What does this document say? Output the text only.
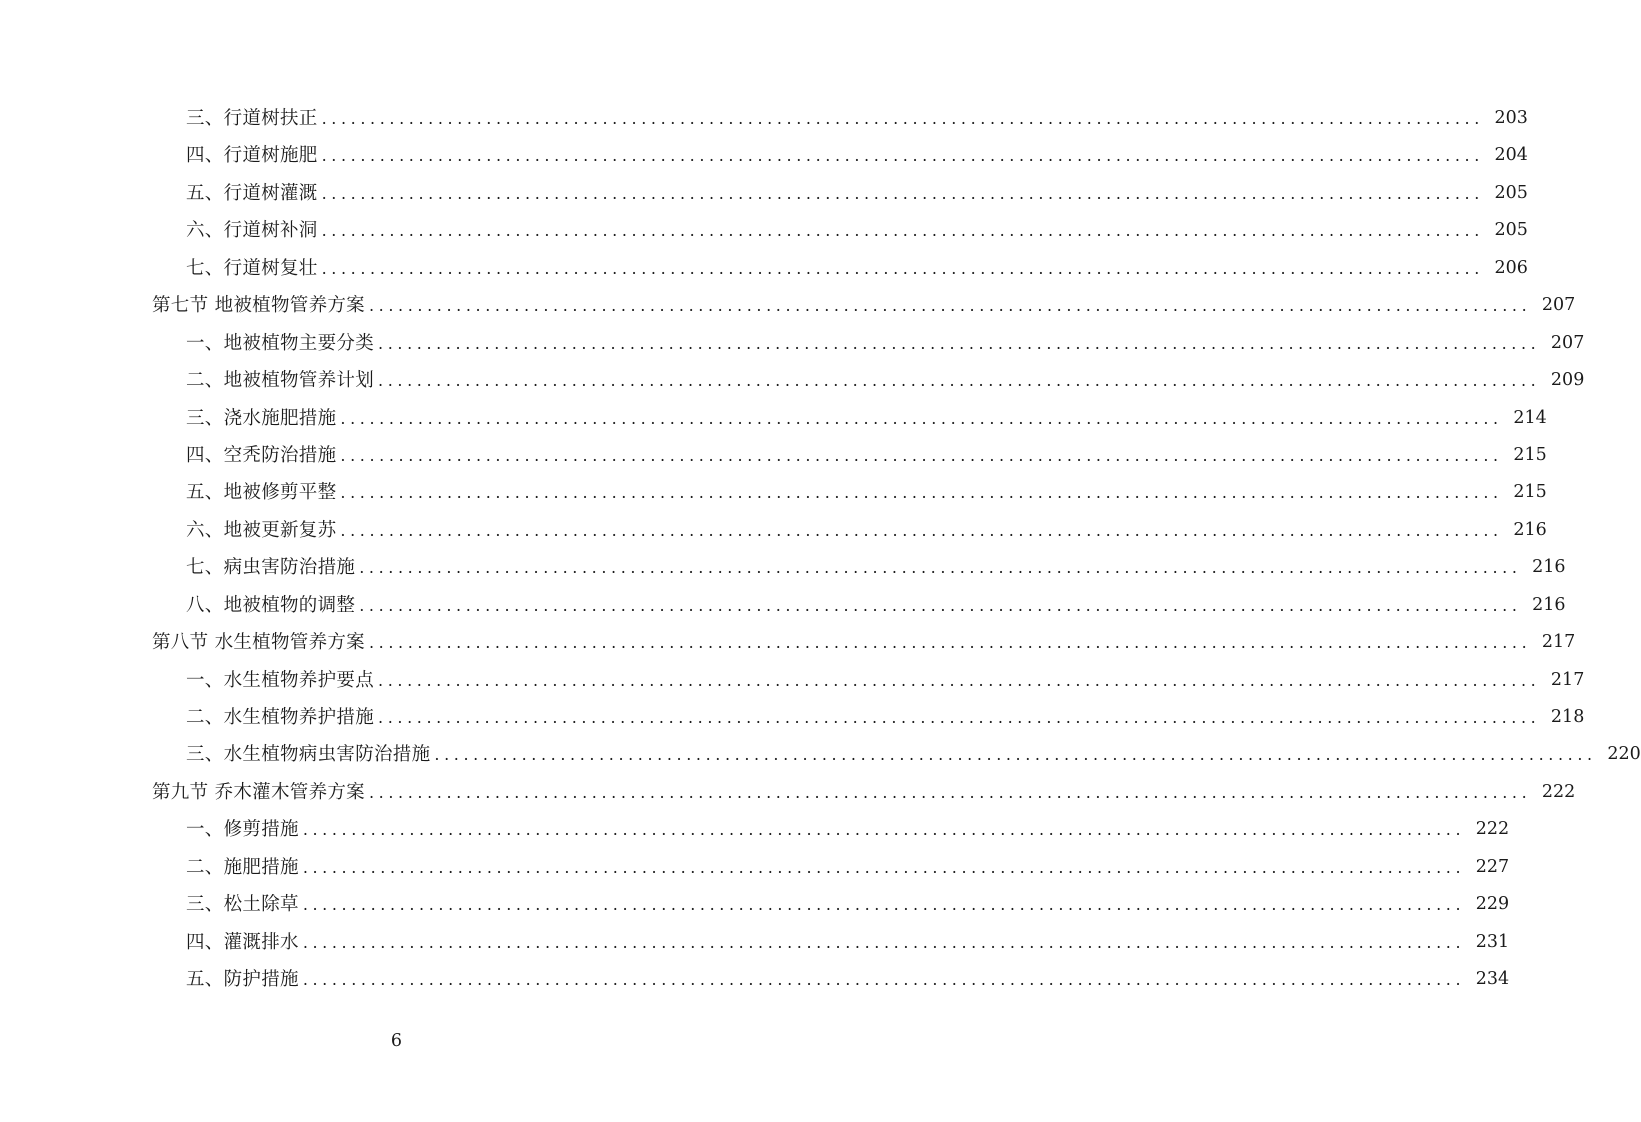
三、行道树扶正 ........................................................................................................................ 203
四、行道树施肥 ........................................................................................................................ 204
五、行道树灌溉 ........................................................................................................................ 205
六、行道树补洞 ........................................................................................................................ 205
七、行道树复壮 ........................................................................................................................ 206
第七节 地被植物管养方案 ........................................................................................................................ 207
一、地被植物主要分类 ........................................................................................................................ 207
二、地被植物管养计划 ........................................................................................................................ 209
三、浇水施肥措施 ........................................................................................................................ 214
四、空秃防治措施 ........................................................................................................................ 215
五、地被修剪平整 ........................................................................................................................ 215
六、地被更新复苏 ........................................................................................................................ 216
七、病虫害防治措施 ........................................................................................................................ 216
八、地被植物的调整 ........................................................................................................................ 216
第八节 水生植物管养方案 ........................................................................................................................ 217
一、水生植物养护要点 ........................................................................................................................ 217
二、水生植物养护措施 ........................................................................................................................ 218
三、水生植物病虫害防治措施 ........................................................................................................................ 220
第九节 乔木灌木管养方案 ........................................................................................................................ 222
一、修剪措施 ........................................................................................................................ 222
二、施肥措施 ........................................................................................................................ 227
三、松土除草 ........................................................................................................................ 229
四、灌溉排水 ........................................................................................................................ 231
五、防护措施 ........................................................................................................................ 234
6
